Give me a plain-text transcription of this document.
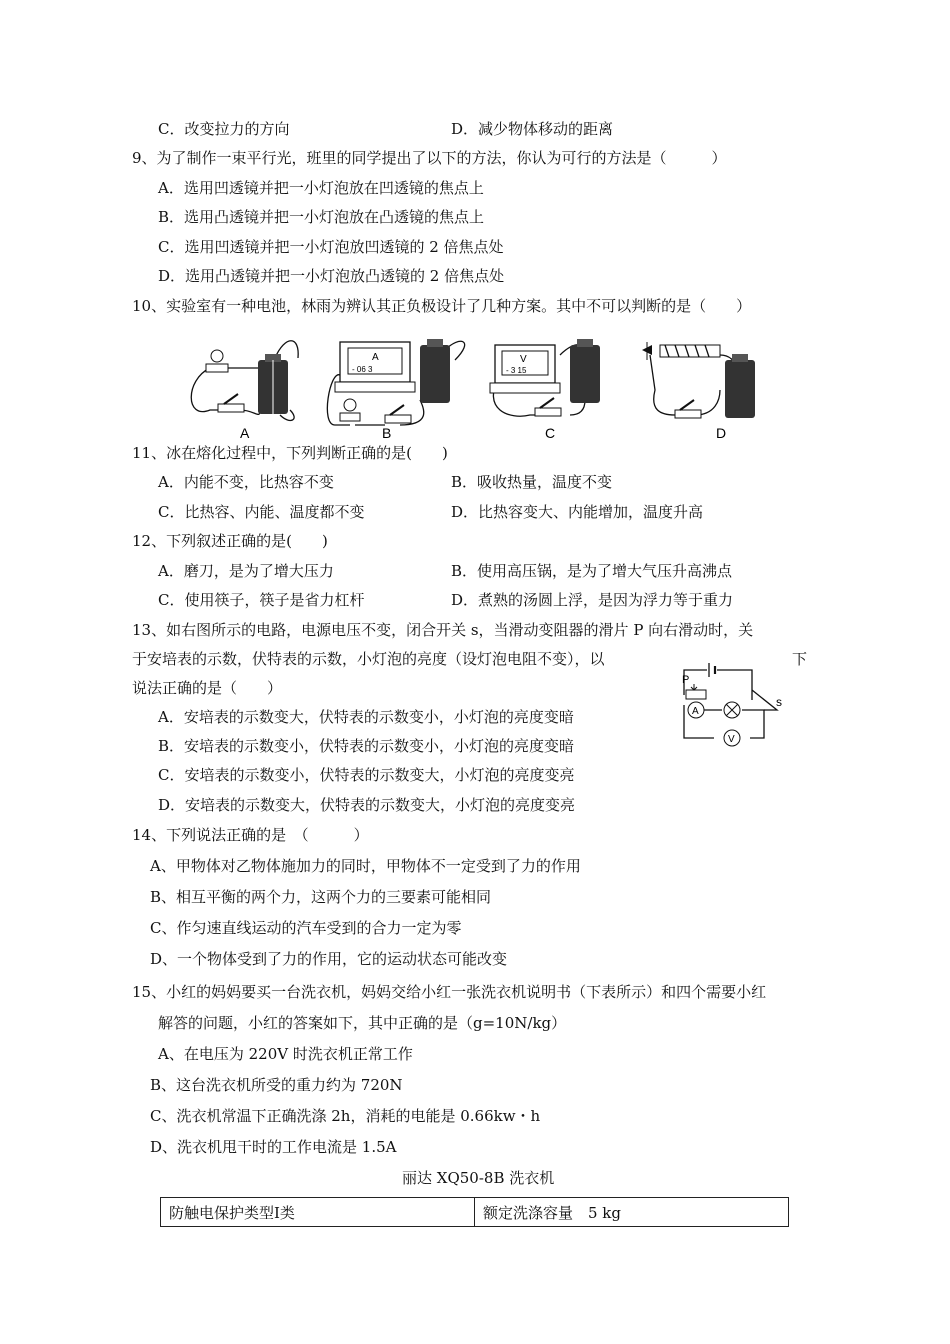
C．改变拉力的方向	D．减少物体移动的距离
9、为了制作一束平行光，班里的同学提出了以下的方法，你认为可行的方法是（　　　）
A．选用凹透镜并把一小灯泡放在凹透镜的焦点上
B．选用凸透镜并把一小灯泡放在凸透镜的焦点上
C．选用凹透镜并把一小灯泡放凹透镜的 2 倍焦点处
D．选用凸透镜并把一小灯泡放凸透镜的 2 倍焦点处
10、实验室有一种电池，林雨为辨认其正负极设计了几种方案。其中不可以判断的是（　　）
A
- 06 3
V
- 3 15
A	B	C	D
11、冰在熔化过程中，下列判断正确的是(　　)
A．内能不变，比热容不变	B．吸收热量，温度不变
C．比热容、内能、温度都不变	D．比热容变大、内能增加，温度升高
12、下列叙述正确的是(　　)
A．磨刀，是为了增大压力	B．使用高压锅，是为了增大气压升高沸点
C．使用筷子，筷子是省力杠杆	D．煮熟的汤圆上浮，是因为浮力等于重力
13、如右图所示的电路，电源电压不变，闭合开关 s，当滑动变阻器的滑片 P 向右滑动时，关
于安培表的示数，伏特表的示数，小灯泡的亮度（设灯泡电阻不变），以	下
说法正确的是（　　）
A．安培表的示数变大，伏特表的示数变小，小灯泡的亮度变暗
B．安培表的示数变小，伏特表的示数变小，小灯泡的亮度变暗
C．安培表的示数变小，伏特表的示数变大，小灯泡的亮度变亮
D．安培表的示数变大，伏特表的示数变大，小灯泡的亮度变亮
P
A
V
s
14、下列说法正确的是　（　　　）
A、甲物体对乙物体施加力的同时，甲物体不一定受到了力的作用
B、相互平衡的两个力，这两个力的三要素可能相同
C、作匀速直线运动的汽车受到的合力一定为零
D、一个物体受到了力的作用，它的运动状态可能改变
15、小红的妈妈要买一台洗衣机，妈妈交给小红一张洗衣机说明书（下表所示）和四个需要小红
解答的问题，小红的答案如下，其中正确的是（g=10N/kg）
A、在电压为 220V 时洗衣机正常工作
B、这台洗衣机所受的重力约为 720N
C、洗衣机常温下正确洗涤 2h，消耗的电能是 0.66kw・h
D、洗衣机甩干时的工作电流是 1.5A
丽达 XQ50-8B 洗衣机
防触电保护类型Ⅰ类	额定洗涤容量　5 kg
